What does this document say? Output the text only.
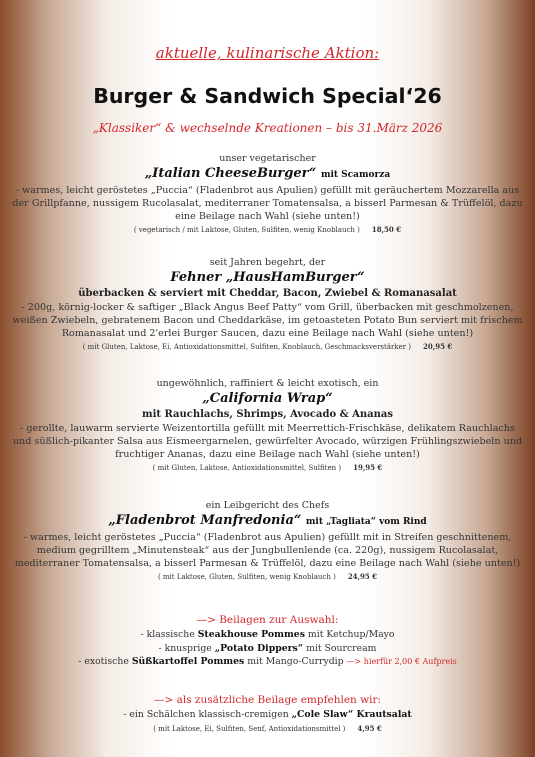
aktuelle, kulinarische Aktion:

Burger & Sandwich Special‘26

„Klassiker“ & wechselnde Kreationen – bis 31.März 2026

unser vegetarischer

„Italian CheeseBurger“ mit Scamorza

- warmes, leicht geröstetes „Puccia“ (Fladenbrot aus Apulien) gefüllt mit geräuchertem Mozzarella aus der Grillpfanne, nussigem Rucolasalat, mediterraner Tomatensalsa, a bisserl Parmesan & Trüffelöl, dazu eine Beilage nach Wahl (siehe unten!)

( vegetarisch / mit Laktose, Gluten, Sulfiten, wenig Knoblauch ) 18,50 €

seit Jahren begehrt, der

Fehner „HausHamBurger“

überbacken & serviert mit Cheddar, Bacon, Zwiebel & Romanasalat

- 200g, körnig-locker & saftiger „Black Angus Beef Patty“ vom Grill, überbacken mit geschmolzenen, weißen Zwiebeln, gebratenem Bacon und Cheddarkäse, im getoasteten Potato Bun serviert mit frischem Romanasalat und 2'erlei Burger Saucen, dazu eine Beilage nach Wahl (siehe unten!)

( mit Gluten, Laktose, Ei, Antioxidationsmittel, Sulfiten, Knoblauch, Geschmacksverstärker ) 20,95 €

ungewöhnlich, raffiniert & leicht exotisch, ein

„California Wrap“

mit Rauchlachs, Shrimps, Avocado & Ananas

- gerollte, lauwarm servierte Weizentortilla gefüllt mit Meerrettich-Frischkäse, delikatem Rauchlachs und süßlich-pikanter Salsa aus Eismeergarnelen, gewürfelter Avocado, würzigen Frühlingszwiebeln und fruchtiger Ananas, dazu eine Beilage nach Wahl (siehe unten!)

( mit Gluten, Laktose, Antioxidationsmittel, Sulfiten ) 19,95 €

ein Leibgericht des Chefs

„Fladenbrot Manfredonia“ mit „Tagliata“ vom Rind

- warmes, leicht geröstetes „Puccia“ (Fladenbrot aus Apulien) gefüllt mit in Streifen geschnittenem, medium gegrilltem „Minutensteak“ aus der Jungbullenlende (ca. 220g), nussigem Rucolasalat, mediterraner Tomatensalsa, a bisserl Parmesan & Trüffelöl, dazu eine Beilage nach Wahl (siehe unten!)

( mit Laktose, Gluten, Sulfiten, wenig Knoblauch ) 24,95 €

—> Beilagen zur Auswahl:

- klassische Steakhouse Pommes mit Ketchup/Mayo

- knusprige „Potato Dippers“ mit Sourcream

- exotische Süßkartoffel Pommes mit Mango-Currydip —> hierfür 2,00 € Aufpreis

—> als zusätzliche Beilage empfehlen wir:

- ein Schälchen klassisch-cremigen „Cole Slaw“ Krautsalat

( mit Laktose, Ei, Sulfiten, Senf, Antioxidationsmittel ) 4,95 €
